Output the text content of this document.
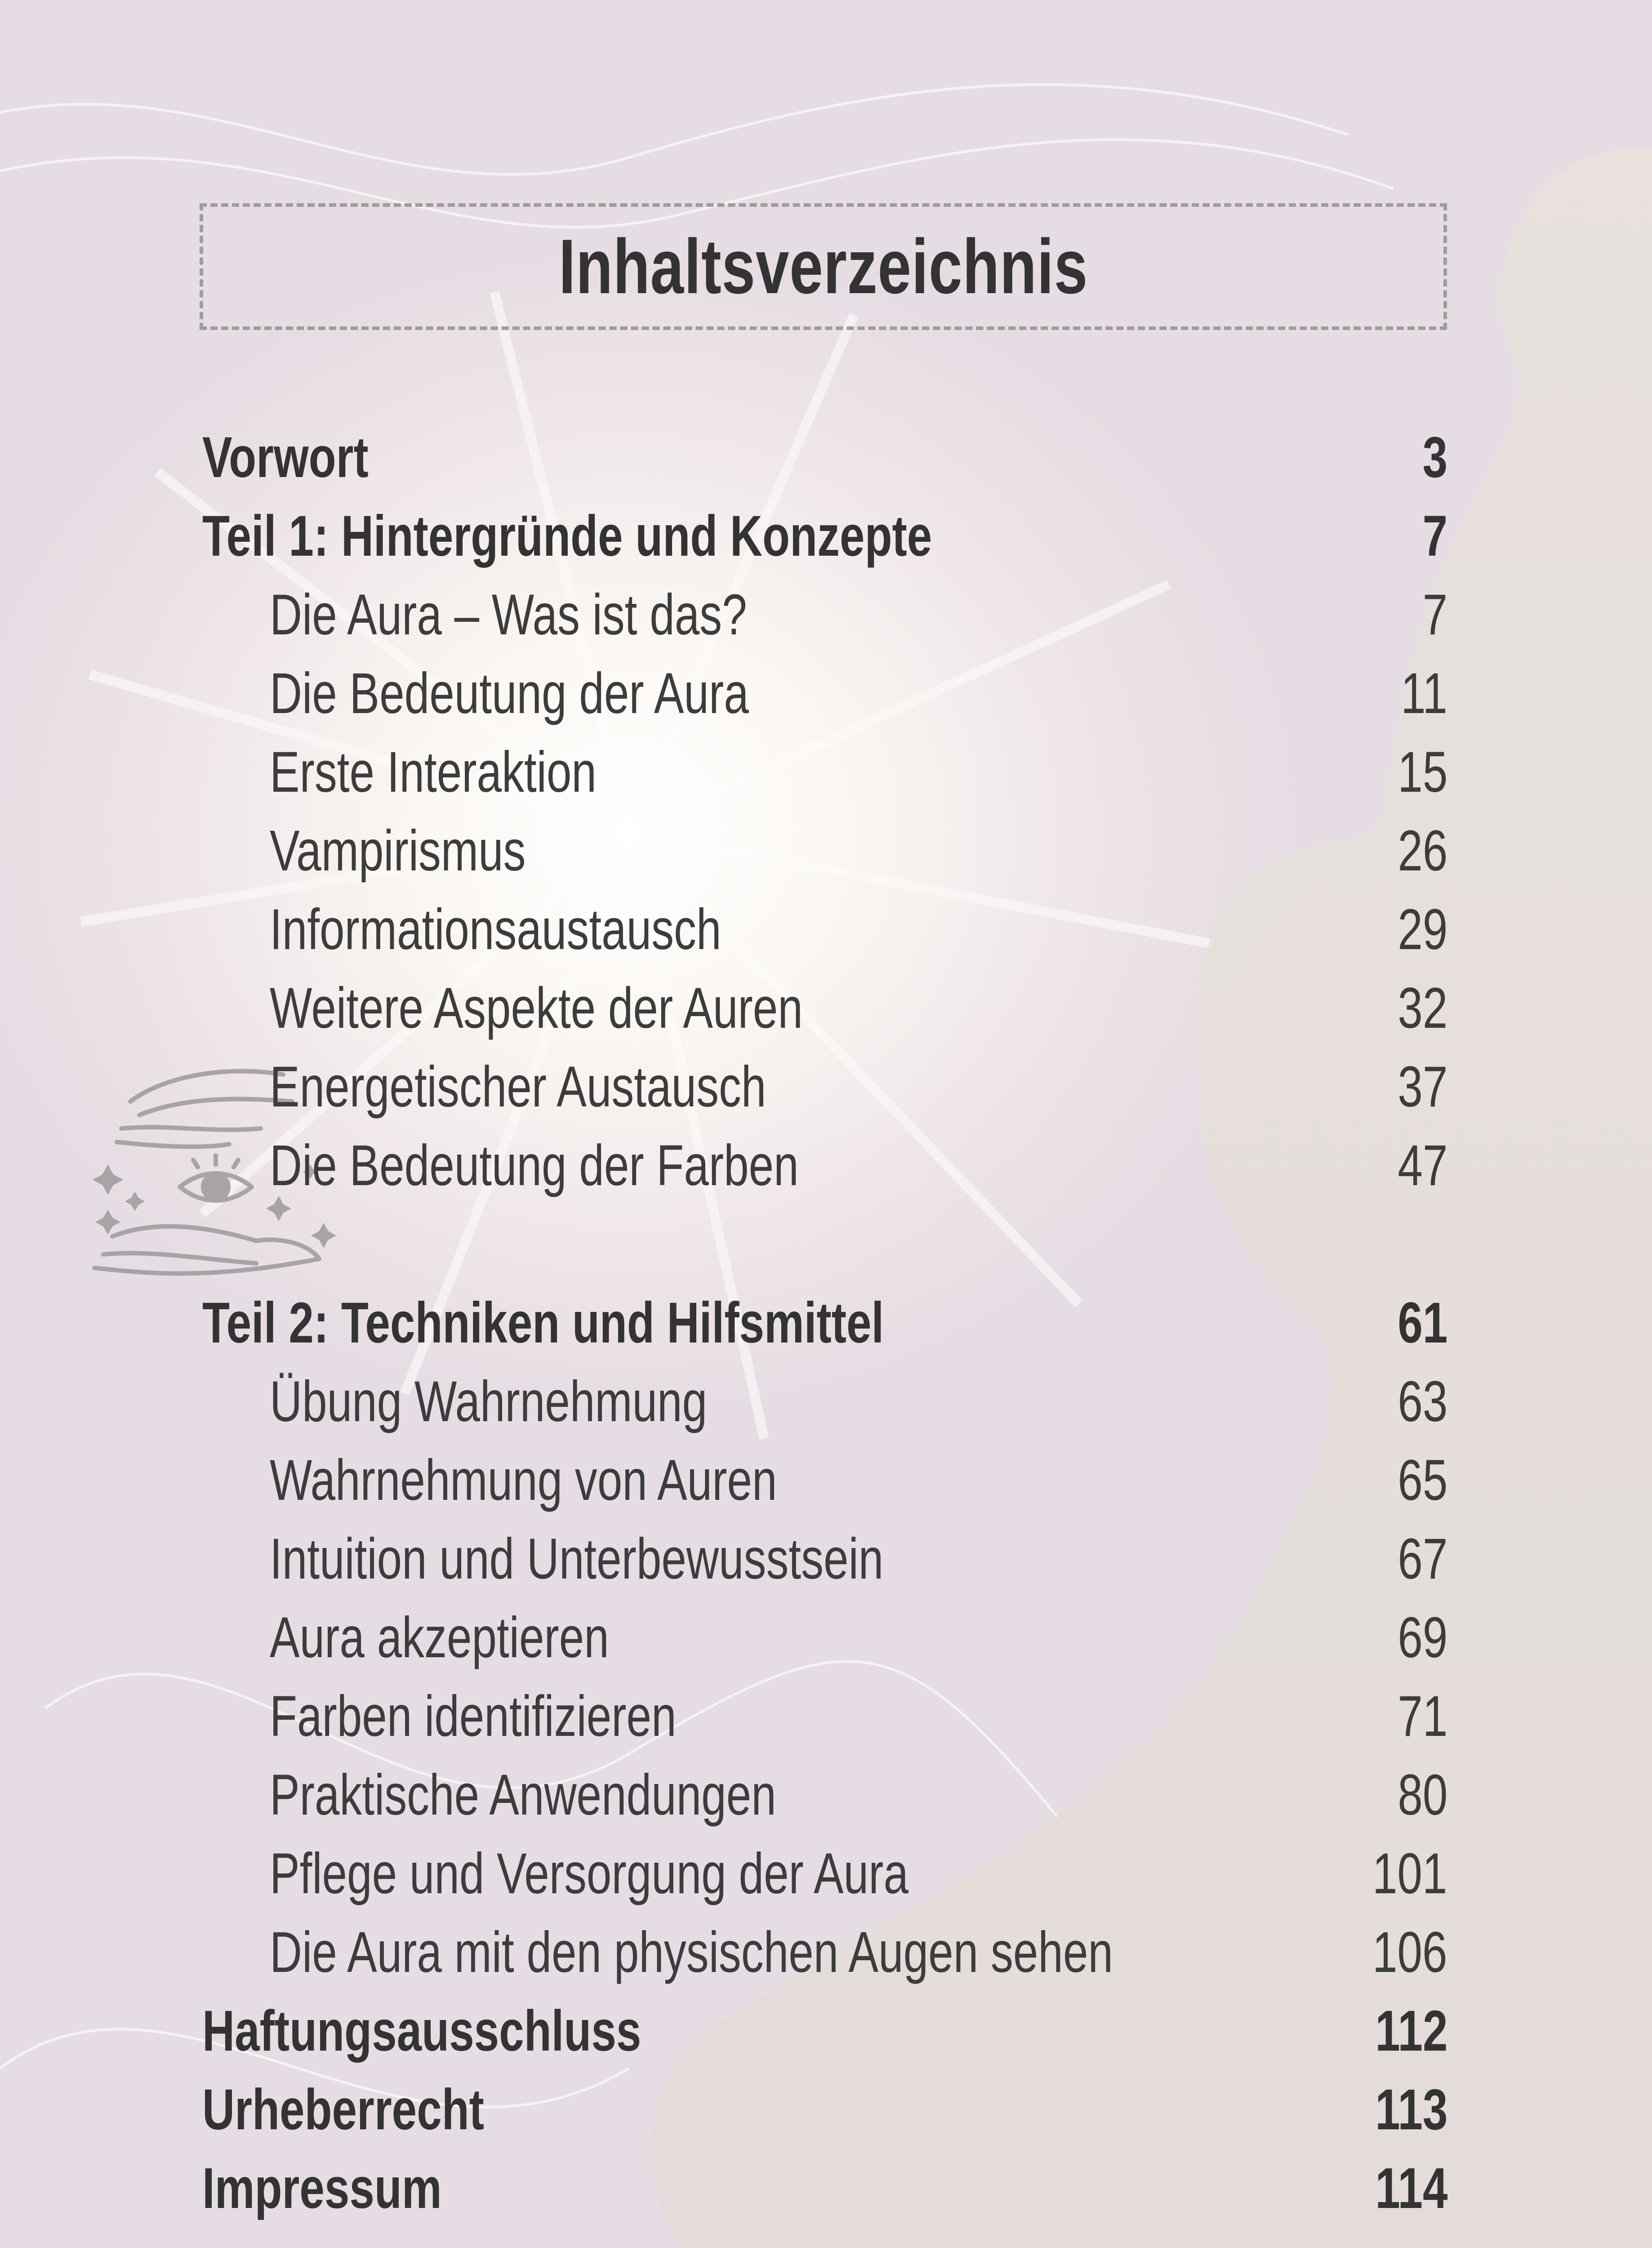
Inhaltsverzeichnis
Vorwort	3
Teil 1: Hintergründe und Konzepte	7
Die Aura – Was ist das?	7
Die Bedeutung der Aura	11
Erste Interaktion	15
Vampirismus	26
Informationsaustausch	29
Weitere Aspekte der Auren	32
Energetischer Austausch	37
Die Bedeutung der Farben	47
Teil 2: Techniken und Hilfsmittel	61
Übung Wahrnehmung	63
Wahrnehmung von Auren	65
Intuition und Unterbewusstsein	67
Aura akzeptieren	69
Farben identifizieren	71
Praktische Anwendungen	80
Pflege und Versorgung der Aura	101
Die Aura mit den physischen Augen sehen	106
Haftungsausschluss	112
Urheberrecht	113
Impressum	114
